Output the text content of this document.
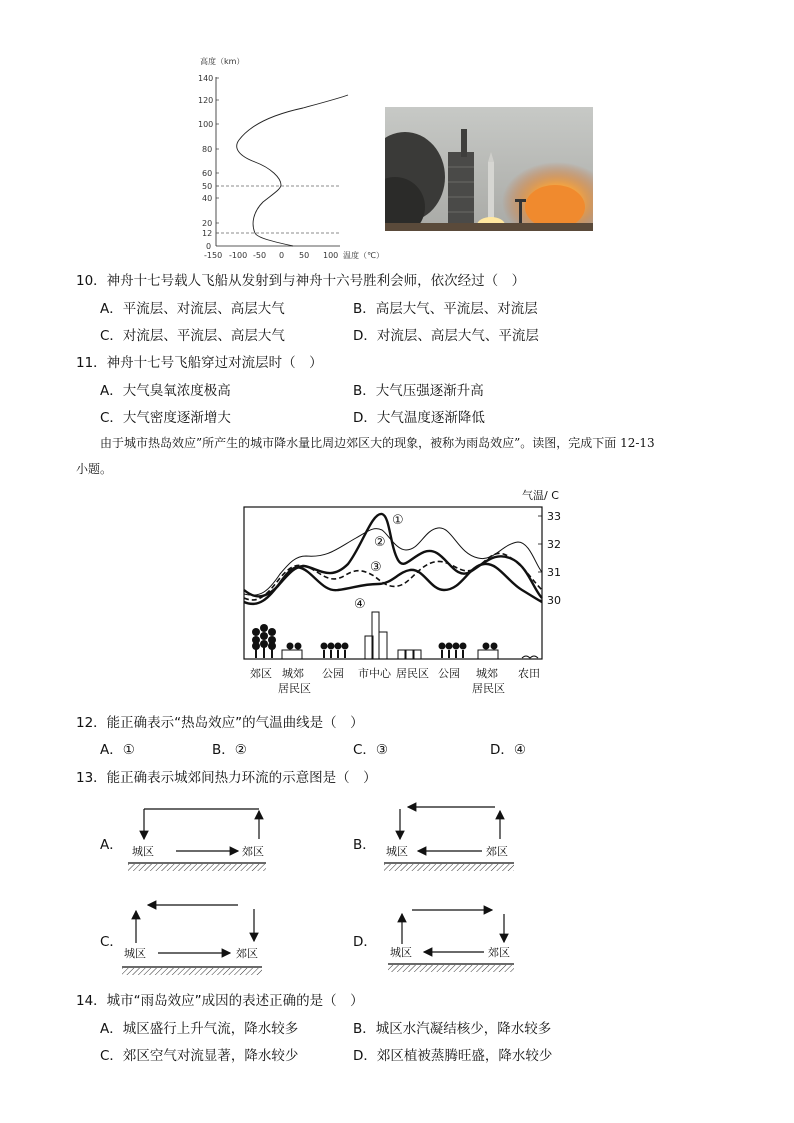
高度（km）
140
120
100
80
60
50
40
20
12
0
-150 -100 -50 0 50 100 温度（℃）
10．神舟十七号载人飞船从发射到与神舟十六号胜利会师，依次经过（　）
A．平流层、对流层、高层大气	B．高层大气、平流层、对流层
C．对流层、平流层、高层大气	D．对流层、高层大气、平流层
11．神舟十七号飞船穿过对流层时（　）
A．大气臭氧浓度极高	B．大气压强逐渐升高
C．大气密度逐渐增大	D．大气温度逐渐降低
由于城市热岛效应”所产生的城市降水量比周边郊区大的现象，被称为雨岛效应”。读图，完成下面 12-13
小题。
气温/ C
33
32
31
30
①
②
③
④
郊区 城郊
居民区
公园 市中心 居民区 公园 城郊
居民区
农田
12．能正确表示“热岛效应”的气温曲线是（　）
A．①	B．②	C．③	D．④
13．能正确表示城郊间热力环流的示意图是（　）
A． 城区	郊区	B． 城区	郊区
C．
城区	郊区
D．
城区	郊区
14．城市“雨岛效应”成因的表述正确的是（　）
A．城区盛行上升气流，降水较多	B．城区水汽凝结核少，降水较多
C．郊区空气对流显著，降水较少	D．郊区植被蒸腾旺盛，降水较少
